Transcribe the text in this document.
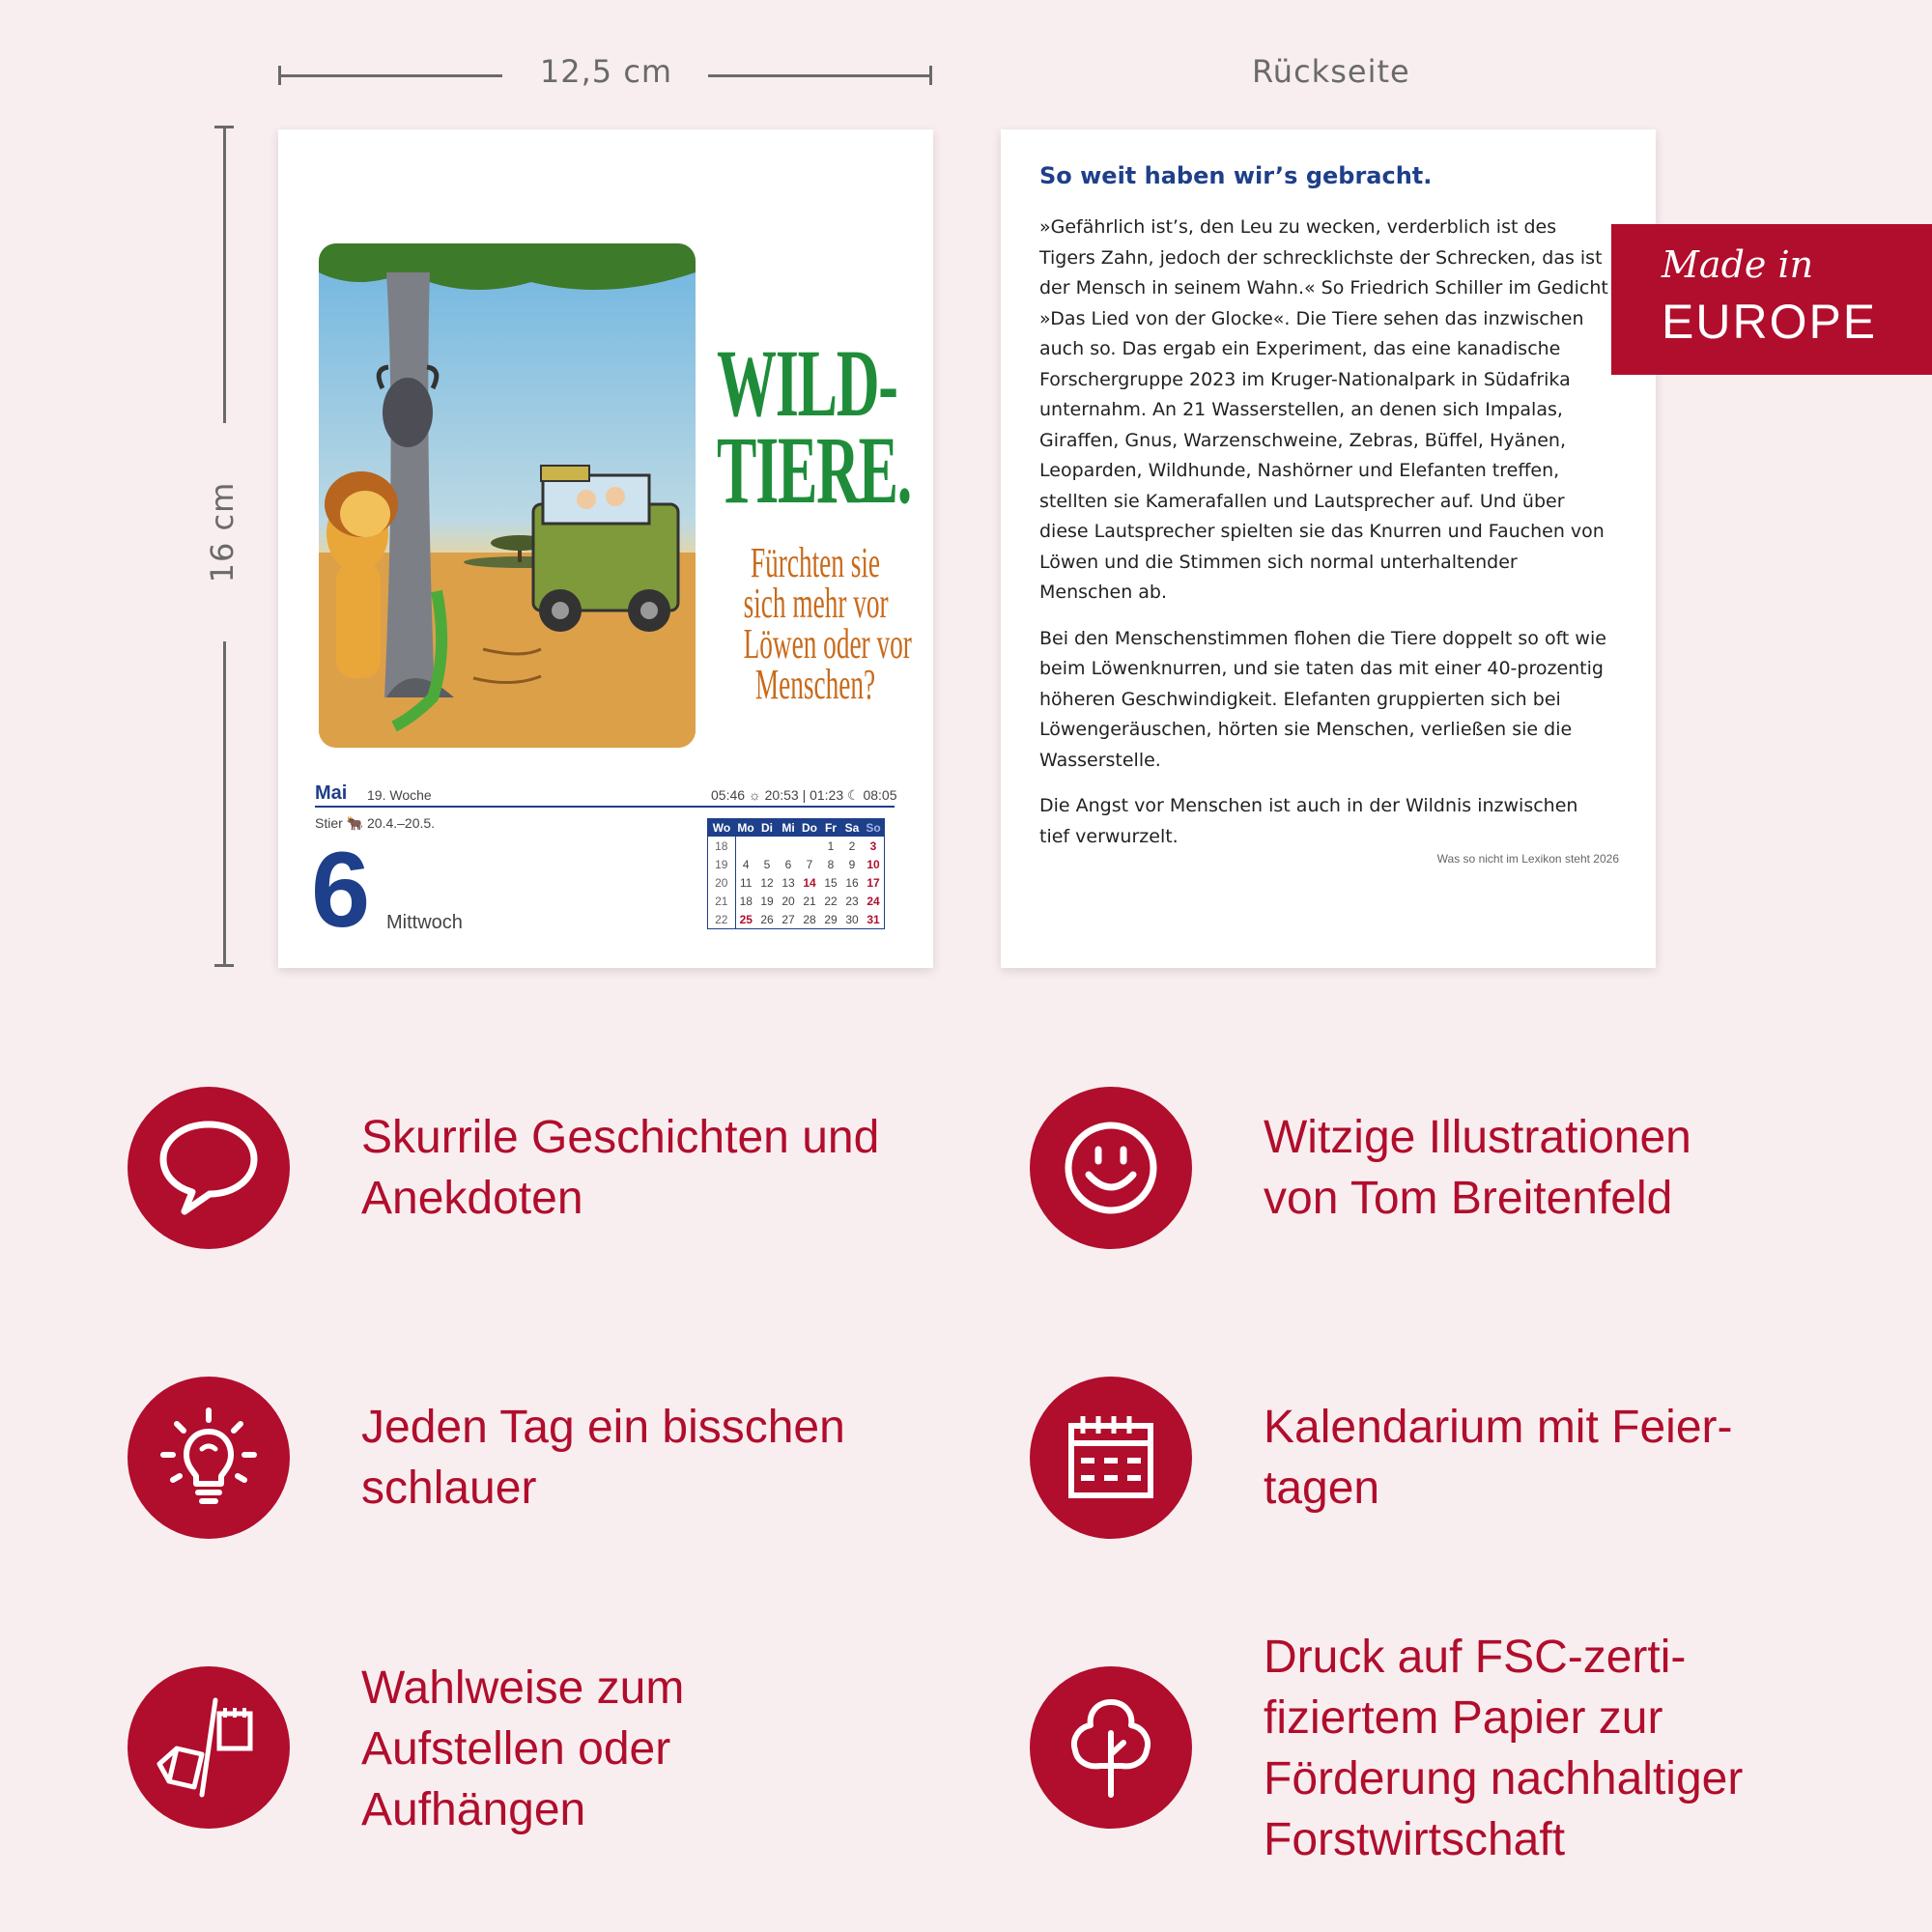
12,5 cm	Rückseite
16 cm
WILD-
TIERE.
Fürchten sie
sich mehr vor
Löwen oder vor
Menschen?
Mai 19. Woche	05:46 ☼ 20:53 | 01:23 ☾ 08:05
Stier 🐂 20.4.–20.5.
6 Mittwoch
Wo	Mo	Di	Mi	Do	Fr	Sa	So
18					1	2	3
19	4	5	6	7	8	9	10
20	11	12	13	14	15	16	17
21	18	19	20	21	22	23	24
22	25	26	27	28	29	30	31
So weit haben wir’s gebracht.

»Gefährlich ist’s, den Leu zu wecken, verderblich ist des Tigers Zahn, jedoch der schrecklichste der Schrecken, das ist der Mensch in seinem Wahn.« So Friedrich Schiller im Gedicht »Das Lied von der Glocke«. Die Tiere sehen das inzwischen auch so. Das ergab ein Experiment, das eine kanadische Forschergruppe 2023 im Kruger-Nationalpark in Südafrika unternahm. An 21 Wasserstellen, an denen sich Impalas, Giraffen, Gnus, Warzenschweine, Zebras, Büffel, Hyänen, Leoparden, Wildhunde, Nashörner und Elefanten treffen, stellten sie Kamerafallen und Lautsprecher auf. Und über diese Lautsprecher spielten sie das Knurren und Fauchen von Löwen und die Stimmen sich normal unterhaltender Menschen ab.

Bei den Menschenstimmen flohen die Tiere doppelt so oft wie beim Löwenknurren, und sie taten das mit einer 40-prozentig höheren Geschwindigkeit. Elefanten gruppierten sich bei Löwengeräuschen, hörten sie Menschen, verließen sie die Wasserstelle.

Die Angst vor Menschen ist auch in der Wildnis inzwischen tief verwurzelt.

Was so nicht im Lexikon steht 2026
Made in
EUROPE
Skurrile Geschichten und
Anekdoten
Witzige Illustrationen
von Tom Breitenfeld
Jeden Tag ein bisschen
schlauer
Kalendarium mit Feier-
tagen
Wahlweise zum
Aufstellen oder
Aufhängen
Druck auf FSC-zerti-
fiziertem Papier zur
Förderung nachhaltiger
Forstwirtschaft
